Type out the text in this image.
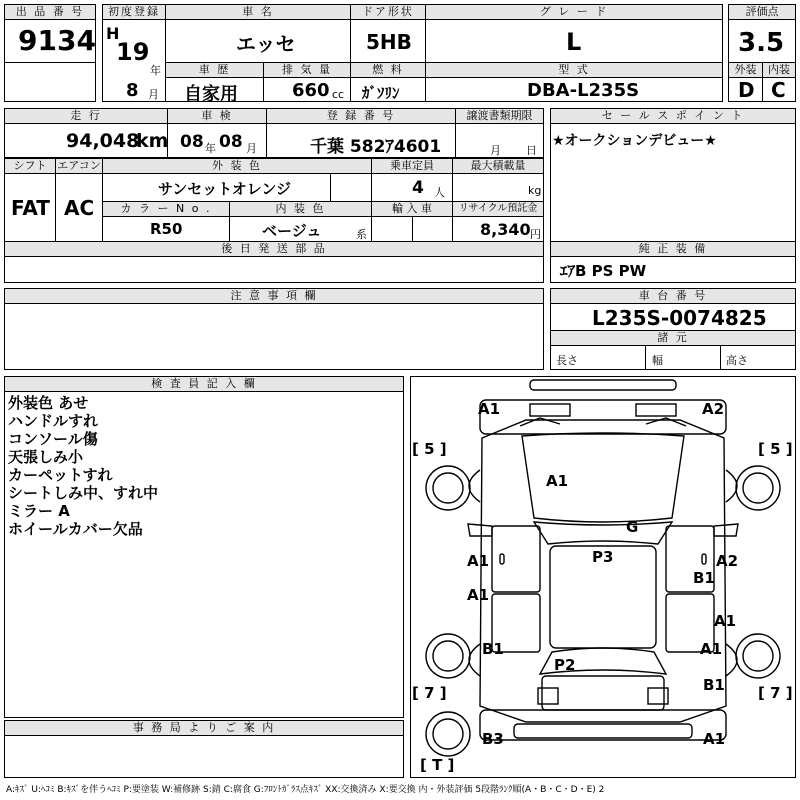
出 品 番 号
9134
初度登録
H
19
年
8 月
車 名
エッセ
ドア形状
5HB
グ レ ー ド
L
評価点
3.5
車 歴
自家用
排 気 量
660 cc
燃 料
ｶﾞｿﾘﾝ
型 式
DBA-L235S
外装
D
内装
C
走 行
94,048
km
車 検
08 年 08 月
登 録 番 号
千葉 582ｱ4601
譲渡書類期限
月 日
セ ー ル ス ポ イ ン ト
★オークションデビュー★
シフト
FAT
エアコン
AC
外 装 色
サンセットオレンジ
乗車定員
4 人
最大積載量
kg
カ ラ ー N o .
R50
内 装 色
ベージュ	系
輸 入 車	リサイクル預託金
8,340 円
後 日 発 送 部 品	純 正 装 備
ｴｱB PS PW
注 意 事 項 欄	車 台 番 号
L235S-0074825
諸 元
長さ	幅	高さ
検 査 員 記 入 欄
外装色 あせ
ハンドルすれ
コンソール傷
天張しみ小
カーペットすれ
シートしみ中、すれ中
ミラー A
ホイールカバー欠品
事 務 局 よ り ご 案 内
A1	A2
A1
G
P3
A1	A2
B1
A1
A1
B1	A1
P2
B1
B3	A1
[ 5 ]	[ 5 ]
[ 7 ]	[ 7 ]
[ T ]
A:ｷｽﾞ U:ﾍｺﾐ B:ｷｽﾞを伴うﾍｺﾐ P:要塗装 W:補修跡 S:錆 C:腐食 G:ﾌﾛﾝﾄｶﾞﾗｽ点ｷｽﾞ XX:交換済み X:要交換 内・外装評価 5段階ﾗﾝｸ順(A・B・C・D・E) 2
